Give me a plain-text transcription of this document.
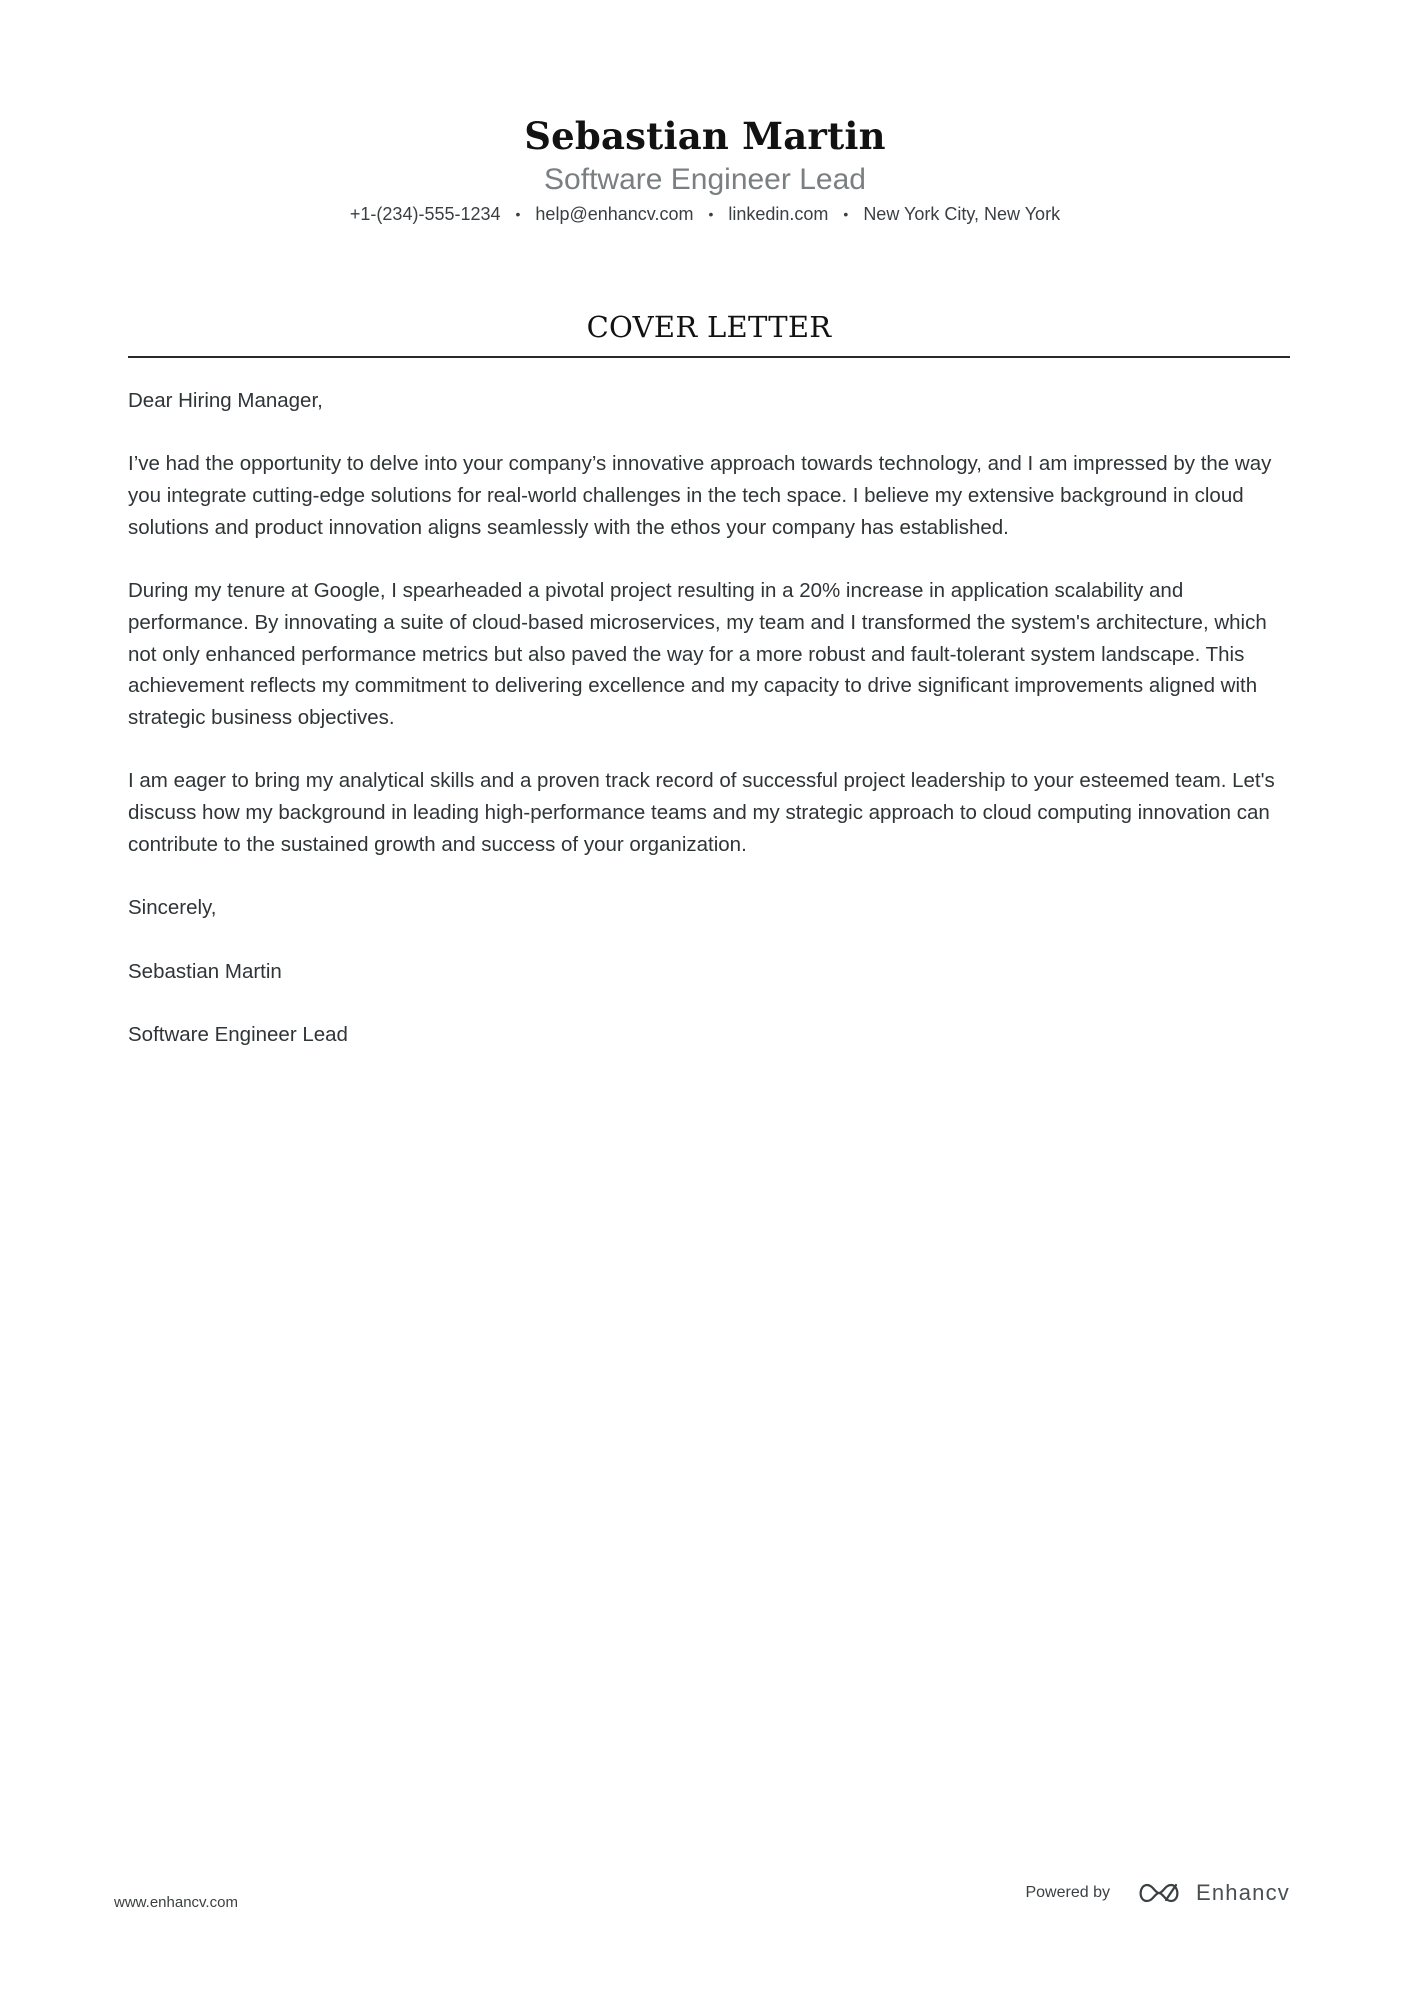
Sebastian Martin
Software Engineer Lead
+1-(234)-555-1234 • help@enhancv.com • linkedin.com • New York City, New York
COVER LETTER

Dear Hiring Manager,

I’ve had the opportunity to delve into your company’s innovative approach towards technology, and I am impressed by the way you integrate cutting-edge solutions for real-world challenges in the tech space. I believe my extensive background in cloud solutions and product innovation aligns seamlessly with the ethos your company has established.

During my tenure at Google, I spearheaded a pivotal project resulting in a 20% increase in application scalability and performance. By innovating a suite of cloud-based microservices, my team and I transformed the system's architecture, which not only enhanced performance metrics but also paved the way for a more robust and fault-tolerant system landscape. This achievement reflects my commitment to delivering excellence and my capacity to drive significant improvements aligned with strategic business objectives.

I am eager to bring my analytical skills and a proven track record of successful project leadership to your esteemed team. Let's discuss how my background in leading high-performance teams and my strategic approach to cloud computing innovation can contribute to the sustained growth and success of your organization.

Sincerely,

Sebastian Martin

Software Engineer Lead

www.enhancv.com
Powered by	Enhancv
